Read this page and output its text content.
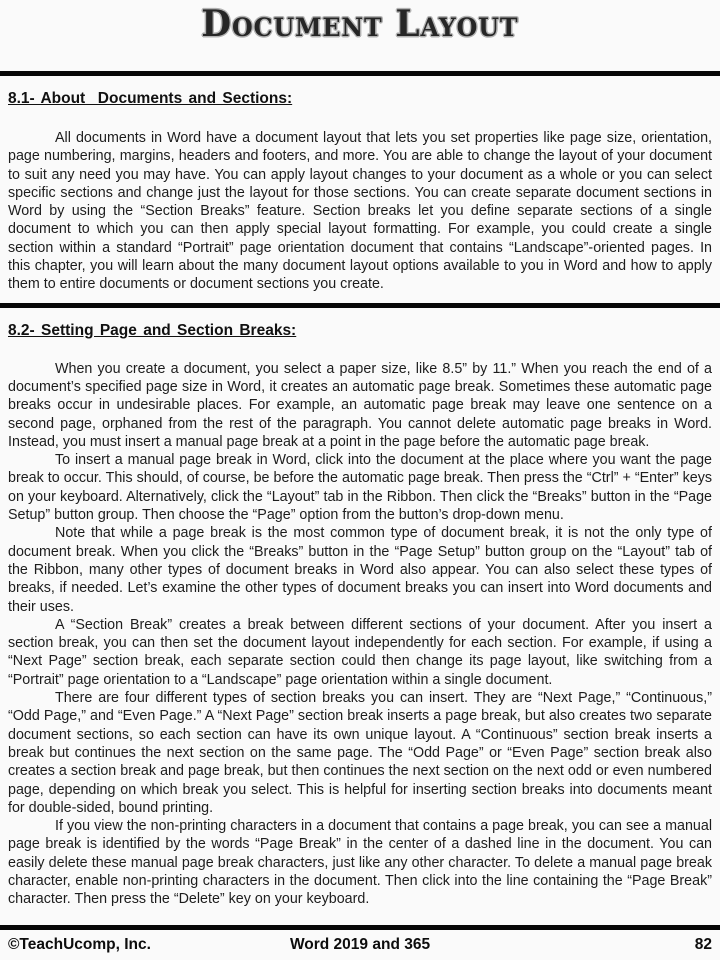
Document Layout
8.1- About  Documents and Sections:

All documents in Word have a document layout that lets you set properties like page size, orientation, page numbering, margins, headers and footers, and more. You are able to change the layout of your document to suit any need you may have. You can apply layout changes to your document as a whole or you can select specific sections and change just the layout for those sections. You can create separate document sections in Word by using the “Section Breaks” feature. Section breaks let you define separate sections of a single document to which you can then apply special layout formatting. For example, you could create a single section within a standard “Portrait” page orientation document that contains “Landscape”-oriented pages. In this chapter, you will learn about the many document layout options available to you in Word and how to apply them to entire documents or document sections you create.

8.2- Setting Page and Section Breaks:

When you create a document, you select a paper size, like 8.5” by 11.” When you reach the end of a document’s specified page size in Word, it creates an automatic page break. Sometimes these automatic page breaks occur in undesirable places. For example, an automatic page break may leave one sentence on a second page, orphaned from the rest of the paragraph. You cannot delete automatic page breaks in Word. Instead, you must insert a manual page break at a point in the page before the automatic page break.

To insert a manual page break in Word, click into the document at the place where you want the page break to occur. This should, of course, be before the automatic page break. Then press the “Ctrl” + “Enter” keys on your keyboard. Alternatively, click the “Layout” tab in the Ribbon. Then click the “Breaks” button in the “Page Setup” button group. Then choose the “Page” option from the button’s drop-down menu.

Note that while a page break is the most common type of document break, it is not the only type of document break. When you click the “Breaks” button in the “Page Setup” button group on the “Layout” tab of the Ribbon, many other types of document breaks in Word also appear. You can also select these types of breaks, if needed. Let’s examine the other types of document breaks you can insert into Word documents and their uses.

A “Section Break” creates a break between different sections of your document. After you insert a section break, you can then set the document layout independently for each section. For example, if using a “Next Page” section break, each separate section could then change its page layout, like switching from a “Portrait” page orientation to a “Landscape” page orientation within a single document.

There are four different types of section breaks you can insert. They are “Next Page,” “Continuous,” “Odd Page,” and “Even Page.” A “Next Page” section break inserts a page break, but also creates two separate document sections, so each section can have its own unique layout. A “Continuous” section break inserts a break but continues the next section on the same page. The “Odd Page” or “Even Page” section break also creates a section break and page break, but then continues the next section on the next odd or even numbered page, depending on which break you select. This is helpful for inserting section breaks into documents meant for double-sided, bound printing.

If you view the non-printing characters in a document that contains a page break, you can see a manual page break is identified by the words “Page Break” in the center of a dashed line in the document. You can easily delete these manual page break characters, just like any other character. To delete a manual page break character, enable non-printing characters in the document. Then click into the line containing the “Page Break” character. Then press the “Delete” key on your keyboard.

©TeachUcomp, Inc.	Word 2019 and 365	82
